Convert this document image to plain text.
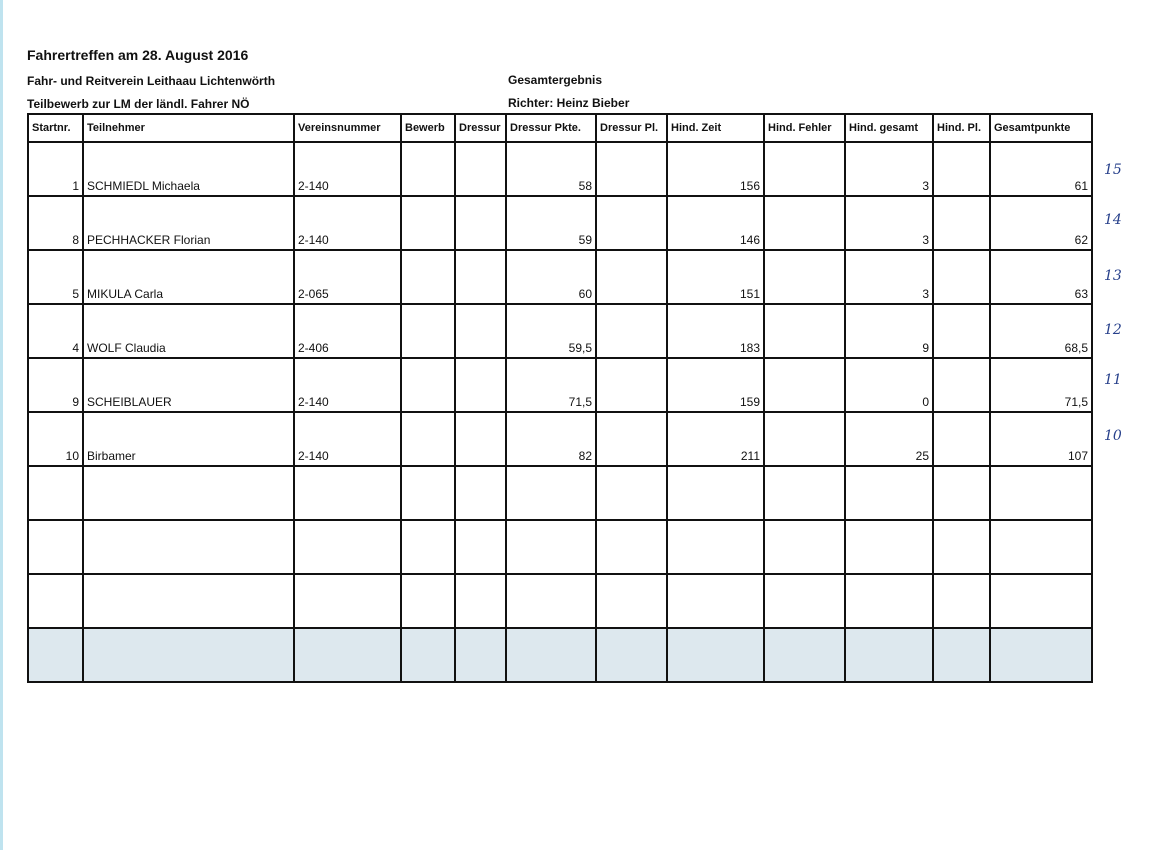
Fahrertreffen am 28. August 2016
Fahr- und Reitverein Leithaau Lichtenwörth
Teilbewerb zur LM der ländl. Fahrer NÖ
Gesamtergebnis
Richter: Heinz Bieber
Startnr.	Teilnehmer	Vereinsnummer	Bewerb	Dressur	Dressur Pkte.	Dressur Pl.	Hind. Zeit	Hind. Fehler	Hind. gesamt	Hind. Pl.	Gesamtpunkte
1	SCHMIEDL Michaela	2-140			58		156		3		61
8	PECHHACKER Florian	2-140			59		146		3		62
5	MIKULA Carla	2-065			60		151		3		63
4	WOLF Claudia	2-406			59,5		183		9		68,5
9	SCHEIBLAUER	2-140			71,5		159		0		71,5
10	Birbamer	2-140			82		211		25		107

15
14
13
12
11
10
